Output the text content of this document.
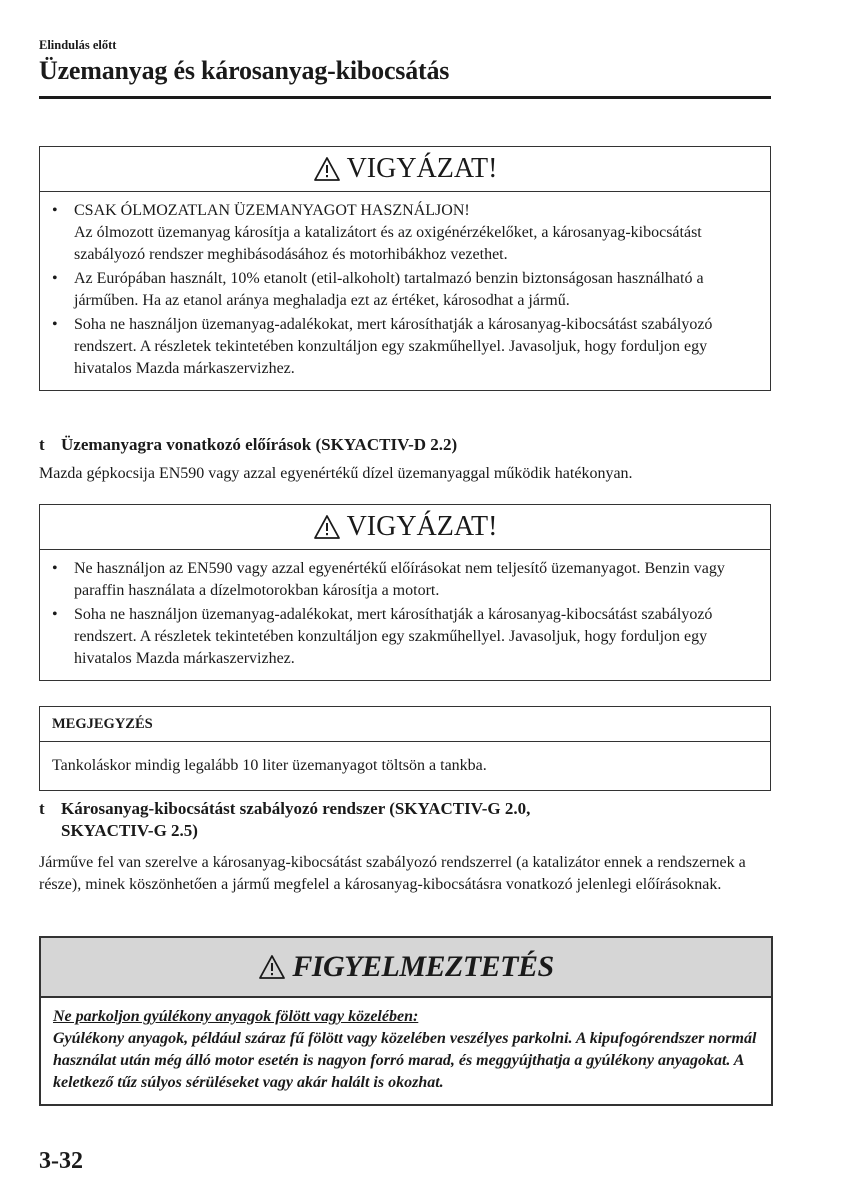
Elindulás előtt
Üzemanyag és károsanyag-kibocsátás
VIGYÁZAT!
•	CSAK ÓLMOZATLAN ÜZEMANYAGOT HASZNÁLJON!
Az ólmozott üzemanyag károsítja a katalizátort és az oxigénérzékelőket, a károsanyag-kibocsátást szabályozó rendszer meghibásodásához és motorhibákhoz vezethet.
•	Az Európában használt, 10% etanolt (etil-alkoholt) tartalmazó benzin biztonságosan használható a járműben. Ha az etanol aránya meghaladja ezt az értéket, károsodhat a jármű.
•	Soha ne használjon üzemanyag-adalékokat, mert károsíthatják a károsanyag-kibocsátást szabályozó rendszert. A részletek tekintetében konzultáljon egy szakműhellyel. Javasoljuk, hogy forduljon egy hivatalos Mazda márkaszervizhez.
t Üzemanyagra vonatkozó előírások (SKYACTIV-D 2.2)
Mazda gépkocsija EN590 vagy azzal egyenértékű dízel üzemanyaggal működik hatékonyan.
VIGYÁZAT!
•	Ne használjon az EN590 vagy azzal egyenértékű előírásokat nem teljesítő üzemanyagot. Benzin vagy paraffin használata a dízelmotorokban károsítja a motort.
•	Soha ne használjon üzemanyag-adalékokat, mert károsíthatják a károsanyag-kibocsátást szabályozó rendszert. A részletek tekintetében konzultáljon egy szakműhellyel. Javasoljuk, hogy forduljon egy hivatalos Mazda márkaszervizhez.
MEGJEGYZÉS
Tankoláskor mindig legalább 10 liter üzemanyagot töltsön a tankba.
t Károsanyag-kibocsátást szabályozó rendszer (SKYACTIV-G 2.0,
SKYACTIV-G 2.5)
Járműve fel van szerelve a károsanyag-kibocsátást szabályozó rendszerrel (a katalizátor ennek a rendszernek a része), minek köszönhetően a jármű megfelel a károsanyag-kibocsátásra vonatkozó jelenlegi előírásoknak.
FIGYELMEZTETÉS
Ne parkoljon gyúlékony anyagok fölött vagy közelében:
Gyúlékony anyagok, például száraz fű fölött vagy közelében veszélyes parkolni. A kipufogórendszer normál használat után még álló motor esetén is nagyon forró marad, és meggyújthatja a gyúlékony anyagokat. A keletkező tűz súlyos sérüléseket vagy akár halált is okozhat.
3-32
